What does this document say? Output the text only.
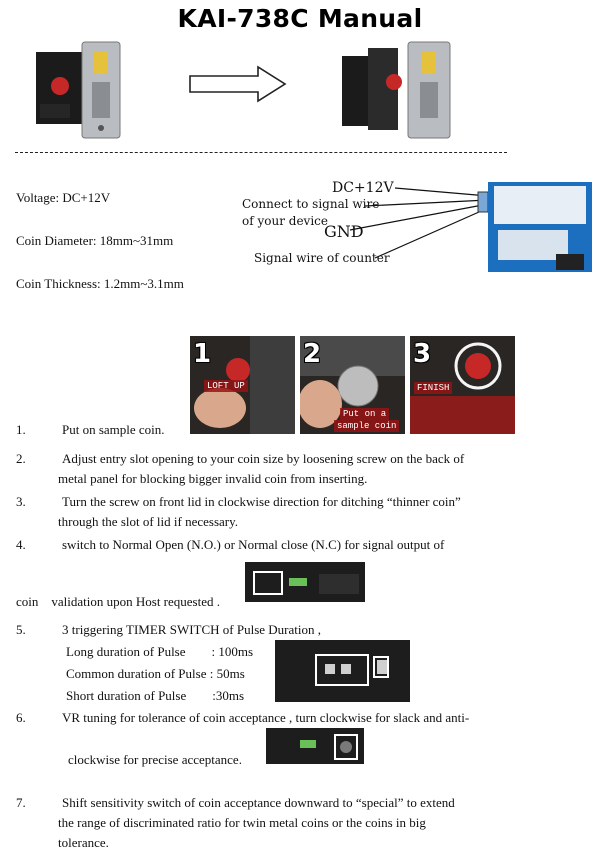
KAI-738C Manual
Voltage: DC+12V
Coin Diameter: 18mm~31mm
Coin Thickness: 1.2mm~3.1mm
DC+12V
Connect to signal wire
of your device
GND
Signal wire of counter
1
LOFT UP
2
Put on a
sample coin
3
FINISH
1.	Put on sample coin.
2.	Adjust entry slot opening to your coin size by loosening screw on the back of
metal panel for blocking bigger invalid coin from inserting.
3.	Turn the screw on front lid in clockwise direction for ditching “thinner coin”
through the slot of lid if necessary.
4.	switch to Normal Open (N.O.) or Normal close (N.C) for signal output of
coin    validation upon Host requested .
5.	3 triggering TIMER SWITCH of Pulse Duration ,
Long duration of Pulse        : 100ms
Common duration of Pulse : 50ms
Short duration of Pulse        :30ms
6.	VR tuning for tolerance of coin acceptance , turn clockwise for slack and anti-
clockwise for precise acceptance.
7.	Shift sensitivity switch of coin acceptance downward to “special” to extend
the range of discriminated ratio for twin metal coins or the coins in big
tolerance.
